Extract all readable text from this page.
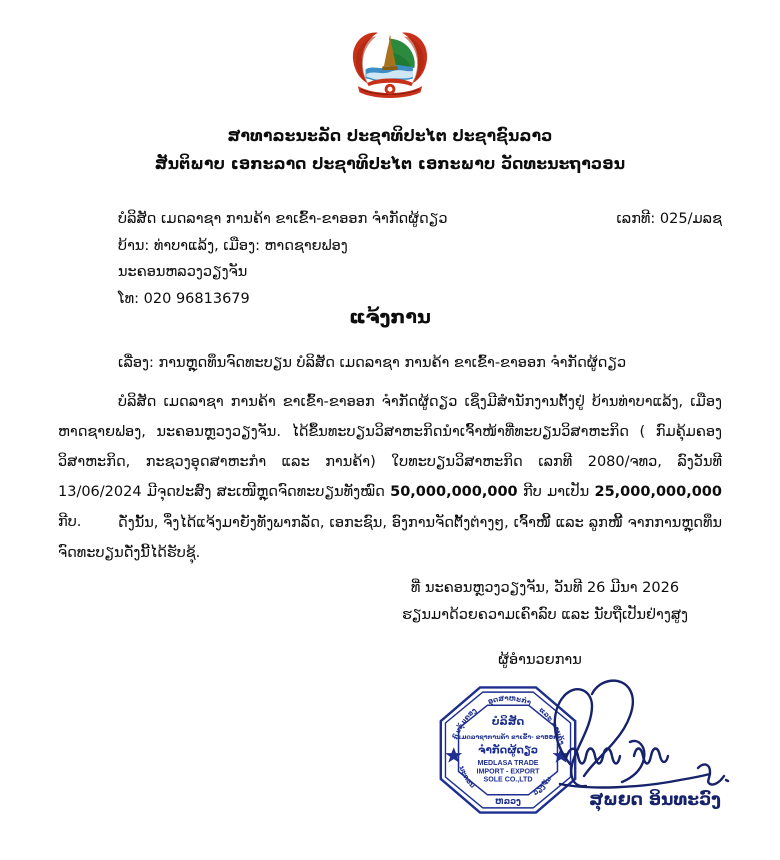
ສາທາລະນະລັດ ປະຊາທິປະໄຕ ປະຊາຊົນລາວ
ສັນຕິພາບ ເອກະລາດ ປະຊາທິປະໄຕ ເອກະພາບ ວັດທະນະຖາວອນ
ບໍລິສັດ ເມດລາຊາ ການຄ້າ ຂາເຂົ້າ-ຂາອອກ ຈຳກັດຜູ້ດຽວ
ບ້ານ: ທ່າບາແລ້ງ, ເມືອງ: ຫາດຊາຍຟອງ
ນະຄອນຫລວງວຽງຈັນ
ໂທ: 020 96813679
ເລກທີ: 025/ມລຊ
ແຈ້ງການ
ເລື່ອງ: ການຫຼຸດທຶນຈົດທະບຽນ ບໍລິສັດ ເມດລາຊາ ການຄ້າ ຂາເຂົ້າ-ຂາອອກ ຈຳກັດຜູ້ດຽວ
ບໍລິສັດ ເມດລາຊາ ການຄ້າ ຂາເຂົ້າ-ຂາອອກ ຈຳກັດຜູ້ດຽວ ເຊິ່ງມີສຳນັກງານຕັ້ງຢູ່ ບ້ານທ່າບາແລ້ງ, ເມືອງ ຫາດຊາຍຟອງ, ນະຄອນຫຼວງວຽງຈັນ. ໄດ້ຂຶ້ນທະບຽນວິສາຫະກິດນຳເຈົ້າໜ້າທີ່ທະບຽນວິສາຫະກິດ ( ກົມຄຸ້ມຄອງວິສາຫະກິດ, ກະຊວງອຸດສາຫະກຳ ແລະ ການຄ້າ) ໃບທະບຽນວິສາຫະກິດ ເລກທີ 2080/ຈທວ, ລົງວັນທີ 13/06/2024 ມີຈຸດປະສົງ ສະເໜີຫຼຸດຈົດທະບຽນທັງໝົດ 50,000,000,000 ກີບ ມາເປັນ 25,000,000,000 ກີບ.	ດັ່ງນັ້ນ, ຈຶ່ງໄດ້ແຈ້ງມາຍັງທັງພາກລັດ, ເອກະຊົນ, ອົງການຈັດຕັ້ງຕ່າງໆ, ເຈົ້າໜີ້ ແລະ ລູກໜີ້ ຈາກການຫຼຸດທຶນຈົດທະບຽນດັ່ງນີ້ໄດ້ຮັບຊຸ້.
ທີ່ ນະຄອນຫຼວງວຽງຈັນ, ວັນທີ 26 ມີນາ 2026
ຮຽນມາດ້ວຍຄວາມເຄົາລົບ ແລະ ນັບຖືເປັນຢ່າງສູງ
ຜູ້ອຳນວຍການ
ກົມຄຸ້ມຄອງ
ອຸດສາຫະກຳ
ແລະ ການຄ້າ
ນະຄອນ
ວຽງຈັນ
ບໍລິສັດ
ເມດລາຊາການຄ້າ ຂາເຂົ້າ- ຂາອອກ
ຈຳກັດຜູ້ດຽວ
MEDLASA TRADE
IMPORT - EXPORT
SOLE CO.,LTD
ຫລວງ	ສຸພຍດ ອິນທະວົງ
